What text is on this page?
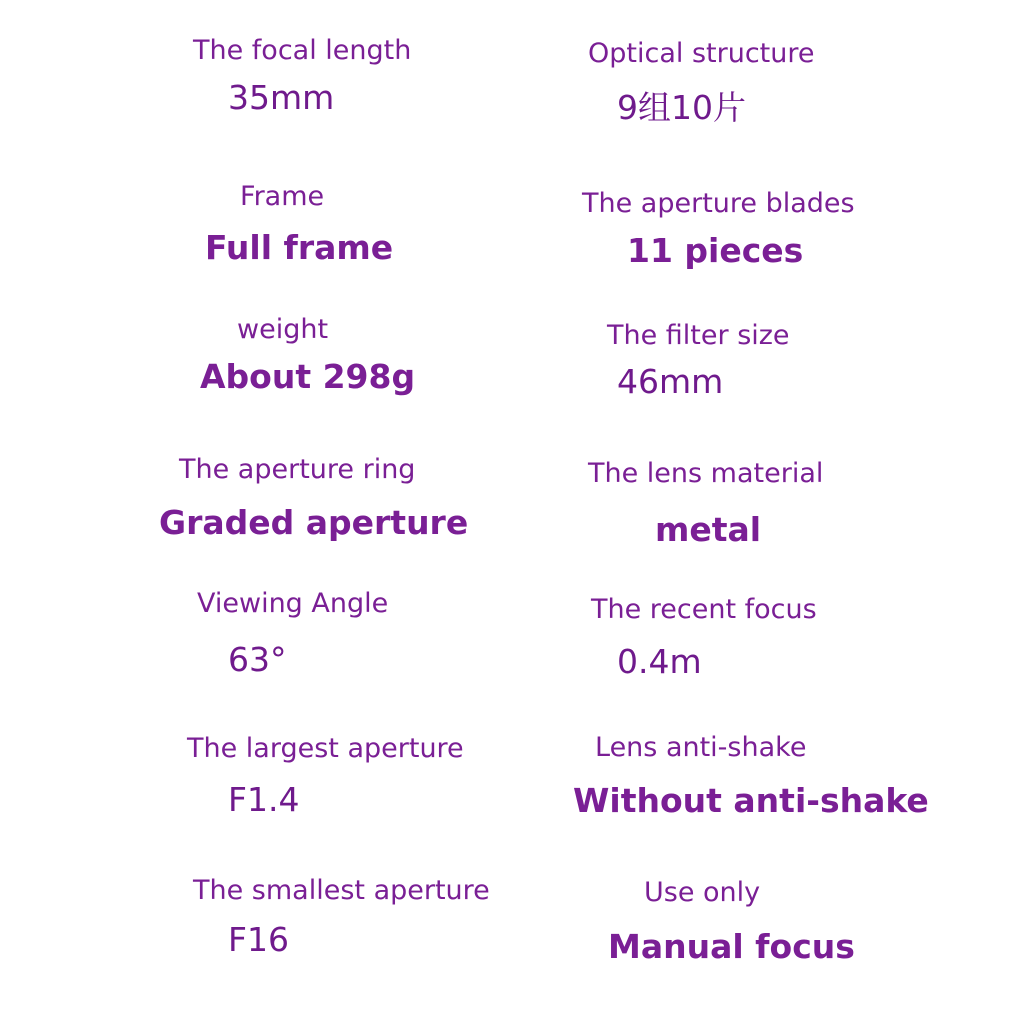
The focal length
35mm
Optical structure
9组10片
Frame
Full frame
The aperture blades
11 pieces
weight
About 298g
The filter size
46mm
The aperture ring
Graded aperture
The lens material
metal
Viewing Angle
63°
The recent focus
0.4m
The largest aperture
F1.4
Lens anti-shake
Without anti-shake
The smallest aperture
F16
Use only
Manual focus
